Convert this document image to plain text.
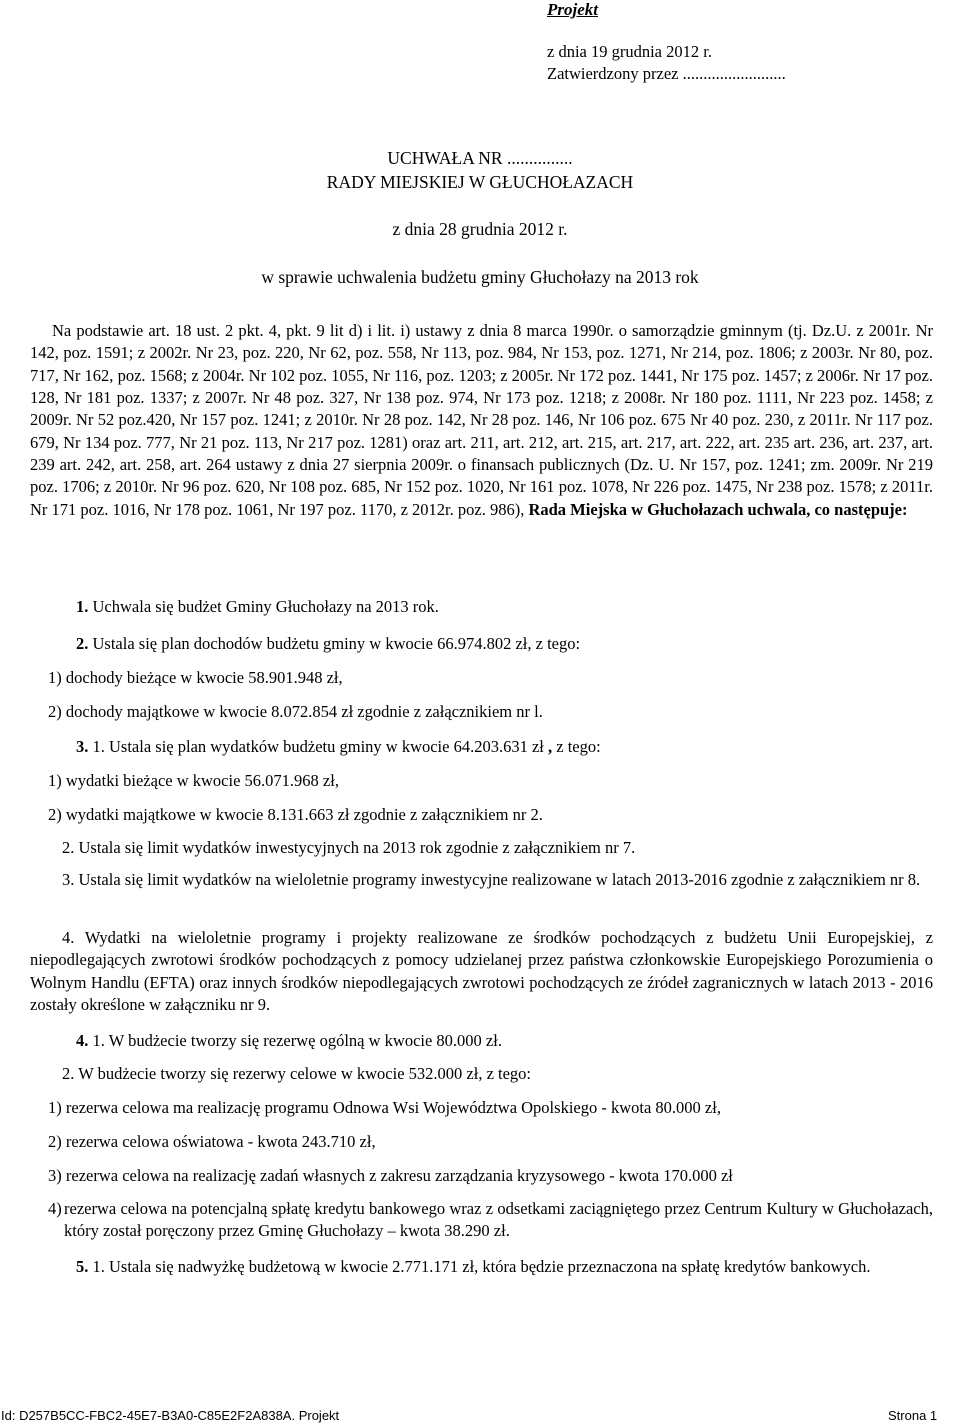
Projekt
z dnia 19 grudnia 2012 r.
Zatwierdzony przez .........................
UCHWAŁA NR ...............
RADY MIEJSKIEJ W GŁUCHOŁAZACH
z dnia 28 grudnia 2012 r.
w sprawie uchwalenia budżetu gminy Głuchołazy na 2013 rok
Na podstawie art. 18 ust. 2 pkt. 4, pkt. 9 lit d) i lit. i) ustawy z dnia 8 marca 1990r. o samorządzie gminnym (tj. Dz.U. z 2001r. Nr 142, poz. 1591; z 2002r. Nr 23, poz. 220, Nr 62, poz. 558, Nr 113, poz. 984, Nr 153, poz. 1271, Nr 214, poz. 1806; z 2003r. Nr 80, poz. 717, Nr 162, poz. 1568; z 2004r. Nr 102 poz. 1055, Nr 116, poz. 1203; z 2005r. Nr 172 poz. 1441, Nr 175 poz. 1457; z 2006r. Nr 17 poz. 128, Nr 181 poz. 1337; z 2007r. Nr 48 poz. 327, Nr 138 poz. 974, Nr 173 poz. 1218; z 2008r. Nr 180 poz. 1111, Nr 223 poz. 1458; z 2009r. Nr 52 poz.420, Nr 157 poz. 1241; z 2010r. Nr 28 poz. 142, Nr 28 poz. 146, Nr 106 poz. 675 Nr 40 poz. 230, z 2011r. Nr 117 poz. 679, Nr 134 poz. 777, Nr 21 poz. 113, Nr 217 poz. 1281) oraz art. 211, art. 212, art. 215, art. 217, art. 222, art. 235 art. 236, art. 237, art. 239 art. 242, art. 258, art. 264 ustawy z dnia 27 sierpnia 2009r. o finansach publicznych (Dz. U. Nr 157, poz. 1241; zm. 2009r. Nr 219 poz. 1706; z 2010r. Nr 96 poz. 620, Nr 108 poz. 685, Nr 152 poz. 1020, Nr 161 poz. 1078, Nr 226 poz. 1475, Nr 238 poz. 1578; z 2011r. Nr 171 poz. 1016, Nr 178 poz. 1061, Nr 197 poz. 1170, z 2012r. poz. 986), Rada Miejska w Głuchołazach uchwala, co następuje:
1. Uchwala się budżet Gminy Głuchołazy na 2013 rok.
2. Ustala się plan dochodów budżetu gminy w kwocie 66.974.802 zł, z tego:
1) dochody bieżące w kwocie 58.901.948 zł,
2) dochody majątkowe w kwocie 8.072.854 zł zgodnie z załącznikiem nr l.
3. 1. Ustala się plan wydatków budżetu gminy w kwocie 64.203.631 zł , z tego:
1) wydatki bieżące w kwocie 56.071.968 zł,
2) wydatki majątkowe w kwocie 8.131.663 zł zgodnie z załącznikiem nr 2.
2. Ustala się limit wydatków inwestycyjnych na 2013 rok zgodnie z załącznikiem nr 7.
3. Ustala się limit wydatków na wieloletnie programy inwestycyjne realizowane w latach 2013-2016 zgodnie z załącznikiem nr 8.
4. Wydatki na wieloletnie programy i projekty realizowane ze środków pochodzących z budżetu Unii Europejskiej, z niepodlegających zwrotowi środków pochodzących z pomocy udzielanej przez państwa członkowskie Europejskiego Porozumienia o Wolnym Handlu (EFTA) oraz innych środków niepodlegających zwrotowi pochodzących ze źródeł zagranicznych w latach 2013 - 2016 zostały określone w załączniku nr 9.
4. 1. W budżecie tworzy się rezerwę ogólną w kwocie 80.000 zł.
2. W budżecie tworzy się rezerwy celowe w kwocie 532.000 zł, z tego:
1) rezerwa celowa ma realizację programu Odnowa Wsi Województwa Opolskiego - kwota 80.000 zł,
2) rezerwa celowa oświatowa - kwota 243.710 zł,
3) rezerwa celowa na realizację zadań własnych z zakresu zarządzania kryzysowego - kwota 170.000 zł
4) rezerwa celowa na potencjalną spłatę kredytu bankowego wraz z odsetkami zaciągniętego przez Centrum Kultury w Głuchołazach, który został poręczony przez Gminę Głuchołazy – kwota 38.290 zł.
5. 1. Ustala się nadwyżkę budżetową w kwocie 2.771.171 zł, która będzie przeznaczona na spłatę kredytów bankowych.
Id: D257B5CC-FBC2-45E7-B3A0-C85E2F2A838A. Projekt	Strona 1
